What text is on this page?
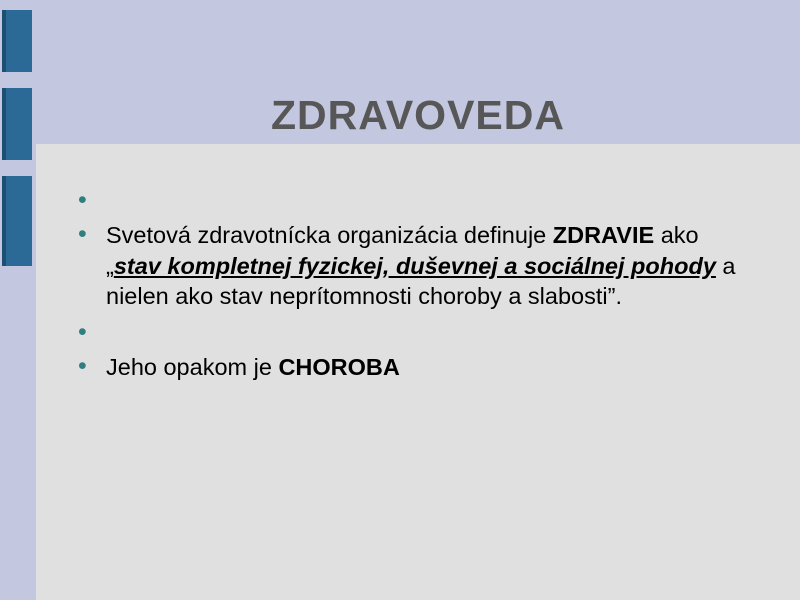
ZDRAVOVEDA
•
• Svetová zdravotnícka organizácia definuje ZDRAVIE ako „stav kompletnej fyzickej, duševnej a sociálnej pohody a nielen ako stav neprítomnosti choroby a slabosti”.
•
• Jeho opakom je CHOROBA
